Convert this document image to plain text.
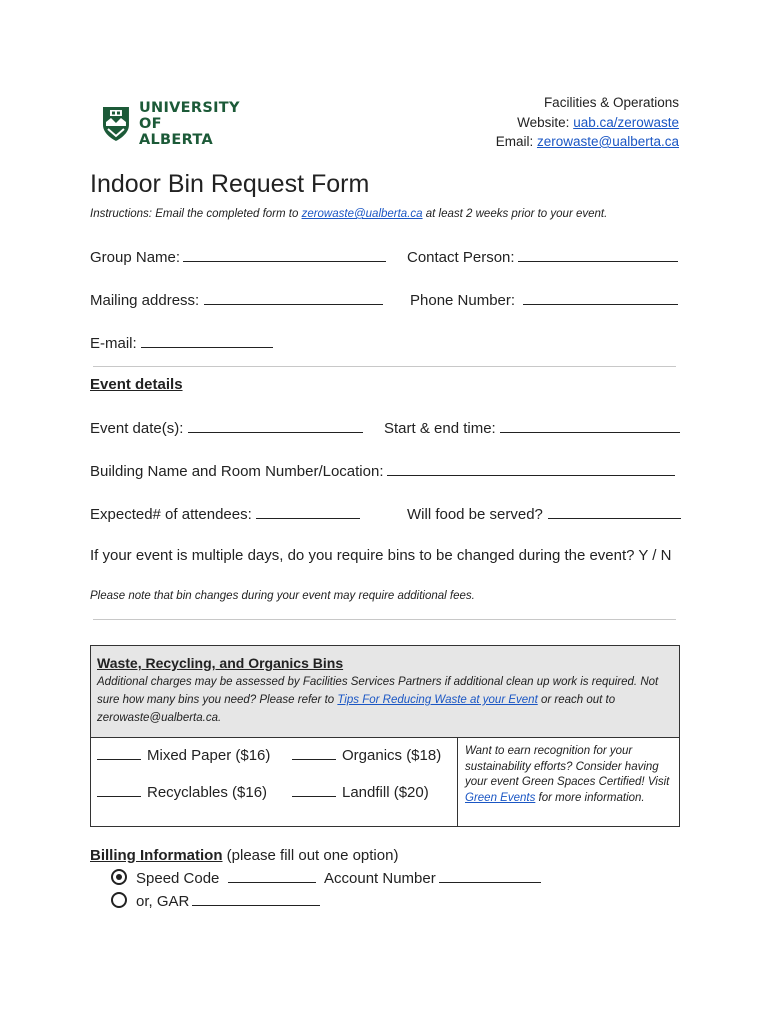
UNIVERSITY
OF ALBERTA
Facilities & Operations
Website: uab.ca/zerowaste
Email: zerowaste@ualberta.ca
Indoor Bin Request Form
Instructions: Email the completed form to zerowaste@ualberta.ca at least 2 weeks prior to your event.
Group Name:	Contact Person:
Mailing address:	Phone Number:
E-mail:
Event details
Event date(s):	Start & end time:
Building Name and Room Number/Location:
Expected# of attendees:	Will food be served?
If your event is multiple days, do you require bins to be changed during the event? Y / N
Please note that bin changes during your event may require additional fees.
Waste, Recycling, and Organics Bins
Additional charges may be assessed by Facilities Services Partners if additional clean up work is required. Not sure how many bins you need? Please refer to Tips For Reducing Waste at your Event or reach out to zerowaste@ualberta.ca.
Mixed Paper ($16)	Organics ($18)
Recyclables ($16)	Landfill ($20)
Want to earn recognition for your sustainability efforts? Consider having your event Green Spaces Certified! Visit Green Events for more information.
Billing Information (please fill out one option)
Speed Code	Account Number
or, GAR
